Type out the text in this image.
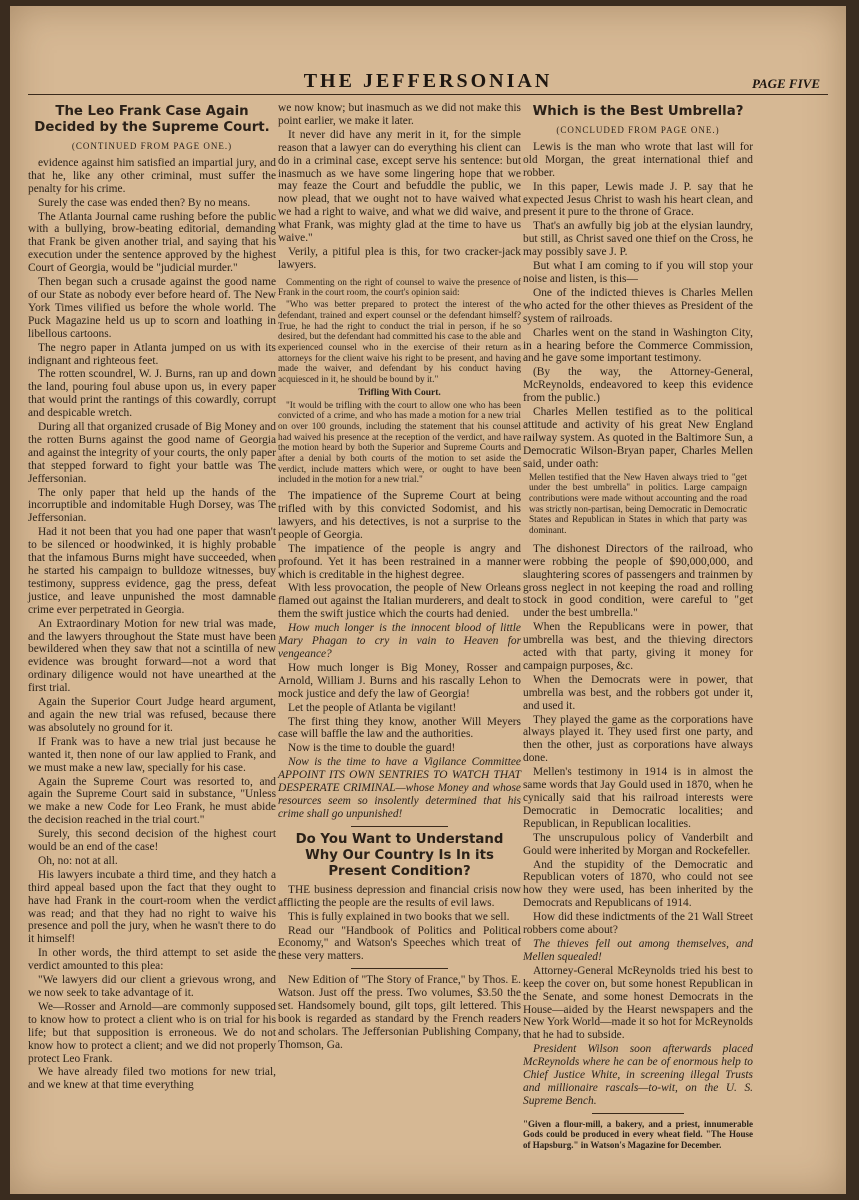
THE JEFFERSONIAN	PAGE FIVE
The Leo Frank Case Again Decided by the Supreme Court.
(CONTINUED FROM PAGE ONE.)

evidence against him satisfied an impartial jury, and that he, like any other criminal, must suffer the penalty for his crime.

Surely the case was ended then? By no means.

The Atlanta Journal came rushing before the public with a bullying, brow-beating editorial, demanding that Frank be given another trial, and saying that his execution under the sentence approved by the highest Court of Georgia, would be "judicial murder."

Then began such a crusade against the good name of our State as nobody ever before heard of. The New York Times vilified us before the whole world. The Puck Magazine held us up to scorn and loathing in libellous cartoons.

The negro paper in Atlanta jumped on us with its indignant and righteous feet.

The rotten scoundrel, W. J. Burns, ran up and down the land, pouring foul abuse upon us, in every paper that would print the rantings of this cowardly, corrupt and despicable wretch.

During all that organized crusade of Big Money and the rotten Burns against the good name of Georgia and against the integrity of your courts, the only paper that stepped forward to fight your battle was The Jeffersonian.

The only paper that held up the hands of the incorruptible and indomitable Hugh Dorsey, was The Jeffersonian.

Had it not been that you had one paper that wasn't to be silenced or hoodwinked, it is highly probable that the infamous Burns might have succeeded, when he started his campaign to bulldoze witnesses, buy testimony, suppress evidence, gag the press, defeat justice, and leave unpunished the most damnable crime ever perpetrated in Georgia.

An Extraordinary Motion for new trial was made, and the lawyers throughout the State must have been bewildered when they saw that not a scintilla of new evidence was brought forward—not a word that ordinary diligence would not have unearthed at the first trial.

Again the Superior Court Judge heard argument, and again the new trial was refused, because there was absolutely no ground for it.

If Frank was to have a new trial just because he wanted it, then none of our law applied to Frank, and we must make a new law, specially for his case.

Again the Supreme Court was resorted to, and again the Supreme Court said in substance, "Unless we make a new Code for Leo Frank, he must abide the decision reached in the trial court."

Surely, this second decision of the highest court would be an end of the case!

Oh, no: not at all.

His lawyers incubate a third time, and they hatch a third appeal based upon the fact that they ought to have had Frank in the court-room when the verdict was read; and that they had no right to waive his presence and poll the jury, when he wasn't there to do it himself!

In other words, the third attempt to set aside the verdict amounted to this plea:

"We lawyers did our client a grievous wrong, and we now seek to take advantage of it.

We—Rosser and Arnold—are commonly supposed to know how to protect a client who is on trial for his life; but that supposition is erroneous. We do not know how to protect a client; and we did not properly protect Leo Frank.

We have already filed two motions for new trial, and we knew at that time everything

we now know; but inasmuch as we did not make this point earlier, we make it later.

It never did have any merit in it, for the simple reason that a lawyer can do everything his client can do in a criminal case, except serve his sentence: but inasmuch as we have some lingering hope that we may feaze the Court and befuddle the public, we now plead, that we ought not to have waived what we had a right to waive, and what we did waive, and what Frank, was mighty glad at the time to have us waive."

Verily, a pitiful plea is this, for two cracker-jack lawyers.

Commenting on the right of counsel to waive the presence of Frank in the court room, the court's opinion said:

"Who was better prepared to protect the interest of the defendant, trained and expert counsel or the defendant himself? True, he had the right to conduct the trial in person, if he so desired, but the defendant had committed his case to the able and experienced counsel who in the exercise of their return as attorneys for the client waive his right to be present, and having made the waiver, and defendant by his conduct having acquiesced in it, he should be bound by it."

Trifling With Court.

"It would be trifling with the court to allow one who has been convicted of a crime, and who has made a motion for a new trial on over 100 grounds, including the statement that his counsel had waived his presence at the reception of the verdict, and have the motion heard by both the Superior and Supreme Courts and after a denial by both courts of the motion to set aside the verdict, include matters which were, or ought to have been included in the motion for a new trial."

The impatience of the Supreme Court at being trifled with by this convicted Sodomist, and his lawyers, and his detectives, is not a surprise to the people of Georgia.

The impatience of the people is angry and profound. Yet it has been restrained in a manner which is creditable in the highest degree.

With less provocation, the people of New Orleans flamed out against the Italian murderers, and dealt to them the swift justice which the courts had denied.

How much longer is the innocent blood of little Mary Phagan to cry in vain to Heaven for vengeance?

How much longer is Big Money, Rosser and Arnold, William J. Burns and his rascally Lehon to mock justice and defy the law of Georgia!

Let the people of Atlanta be vigilant!

The first thing they know, another Will Meyers case will baffle the law and the authorities.

Now is the time to double the guard!

Now is the time to have a Vigilance Committee APPOINT ITS OWN SENTRIES TO WATCH THAT DESPERATE CRIMINAL—whose Money and whose resources seem so insolently determined that his crime shall go unpunished!

Do You Want to Understand Why Our Country Is In its Present Condition?

THE business depression and financial crisis now afflicting the people are the results of evil laws.

This is fully explained in two books that we sell.

Read our "Handbook of Politics and Political Economy," and Watson's Speeches which treat of these very matters.

New Edition of "The Story of France," by Thos. E. Watson. Just off the press. Two volumes, $3.50 the set. Handsomely bound, gilt tops, gilt lettered. This book is regarded as standard by the French readers and scholars. The Jeffersonian Publishing Company, Thomson, Ga.

Which is the Best Umbrella?
(CONCLUDED FROM PAGE ONE.)

Lewis is the man who wrote that last will for old Morgan, the great international thief and robber.

In this paper, Lewis made J. P. say that he expected Jesus Christ to wash his heart clean, and present it pure to the throne of Grace.

That's an awfully big job at the elysian laundry, but still, as Christ saved one thief on the Cross, he may possibly save J. P.

But what I am coming to if you will stop your noise and listen, is this—

One of the indicted thieves is Charles Mellen who acted for the other thieves as President of the system of railroads.

Charles went on the stand in Washington City, in a hearing before the Commerce Commission, and he gave some important testimony.

(By the way, the Attorney-General, McReynolds, endeavored to keep this evidence from the public.)

Charles Mellen testified as to the political attitude and activity of his great New England railway system. As quoted in the Baltimore Sun, a Democratic Wilson-Bryan paper, Charles Mellen said, under oath:

Mellen testified that the New Haven always tried to "get under the best umbrella" in politics. Large campaign contributions were made without accounting and the road was strictly non-partisan, being Democratic in Democratic States and Republican in States in which that party was dominant.

The dishonest Directors of the railroad, who were robbing the people of $90,000,000, and slaughtering scores of passengers and trainmen by gross neglect in not keeping the road and rolling stock in good condition, were careful to "get under the best umbrella."

When the Republicans were in power, that umbrella was best, and the thieving directors acted with that party, giving it money for campaign purposes, &c.

When the Democrats were in power, that umbrella was best, and the robbers got under it, and used it.

They played the game as the corporations have always played it. They used first one party, and then the other, just as corporations have always done.

Mellen's testimony in 1914 is in almost the same words that Jay Gould used in 1870, when he cynically said that his railroad interests were Democratic in Democratic localities; and Republican, in Republican localities.

The unscrupulous policy of Vanderbilt and Gould were inherited by Morgan and Rockefeller.

And the stupidity of the Democratic and Republican voters of 1870, who could not see how they were used, has been inherited by the Democrats and Republicans of 1914.

How did these indictments of the 21 Wall Street robbers come about?

The thieves fell out among themselves, and Mellen squealed!

Attorney-General McReynolds tried his best to keep the cover on, but some honest Republican in the Senate, and some honest Democrats in the House—aided by the Hearst newspapers and the New York World—made it so hot for McReynolds that he had to subside.

President Wilson soon afterwards placed McReynolds where he can be of enormous help to Chief Justice White, in screening illegal Trusts and millionaire rascals—to-wit, on the U. S. Supreme Bench.

"Given a flour-mill, a bakery, and a priest, innumerable Gods could be produced in every wheat field. "The House of Hapsburg." in Watson's Magazine for December.
